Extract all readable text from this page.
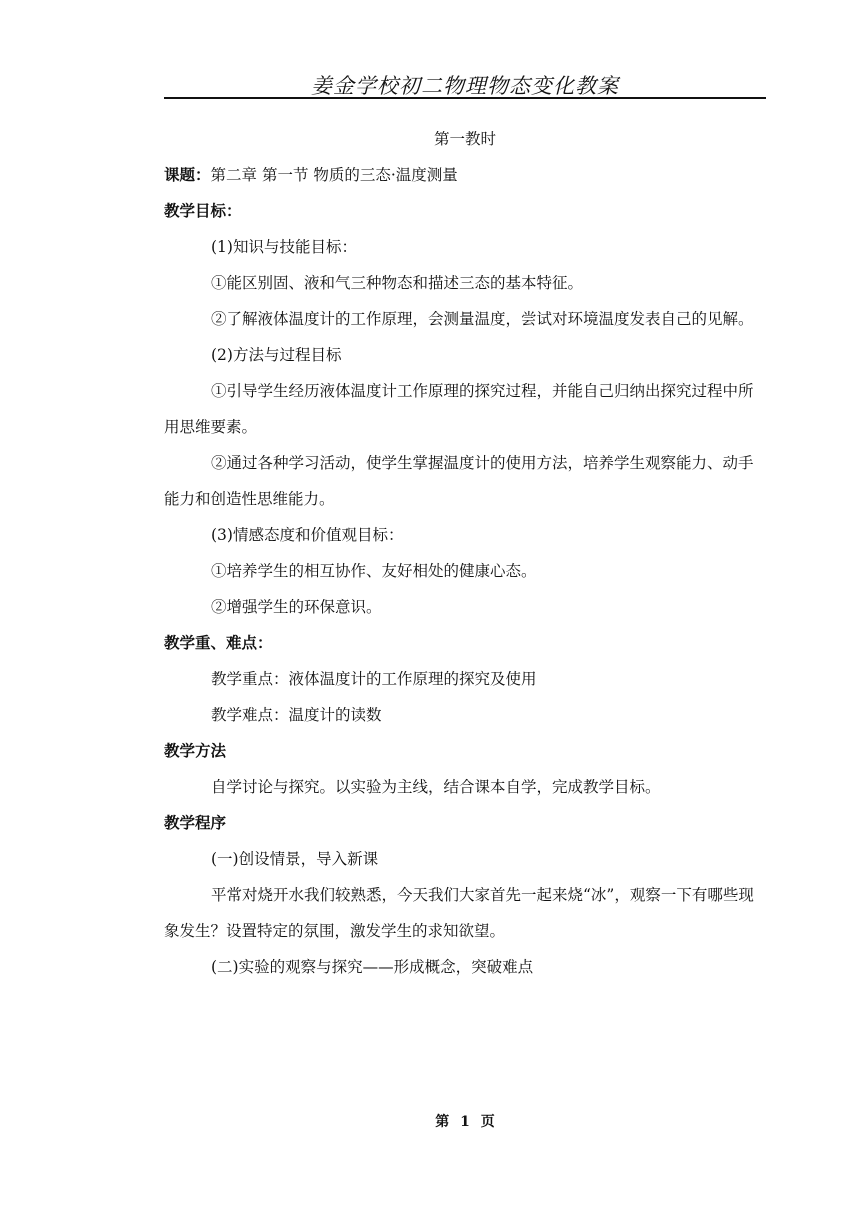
姜金学校初二物理物态变化教案

第一教时

课题：第二章 第一节 物质的三态·温度测量

教学目标：

(1)知识与技能目标：

①能区别固、液和气三种物态和描述三态的基本特征。

②了解液体温度计的工作原理，会测量温度，尝试对环境温度发表自己的见解。

(2)方法与过程目标

①引导学生经历液体温度计工作原理的探究过程，并能自己归纳出探究过程中所用思维要素。

②通过各种学习活动，使学生掌握温度计的使用方法，培养学生观察能力、动手能力和创造性思维能力。

(3)情感态度和价值观目标：

①培养学生的相互协作、友好相处的健康心态。

②增强学生的环保意识。

教学重、难点：

教学重点：液体温度计的工作原理的探究及使用

教学难点：温度计的读数

教学方法

自学讨论与探究。以实验为主线，结合课本自学，完成教学目标。

教学程序

(一)创设情景，导入新课

平常对烧开水我们较熟悉，今天我们大家首先一起来烧“冰”，观察一下有哪些现象发生？设置特定的氛围，激发学生的求知欲望。

(二)实验的观察与探究——形成概念，突破难点

第 1 页
